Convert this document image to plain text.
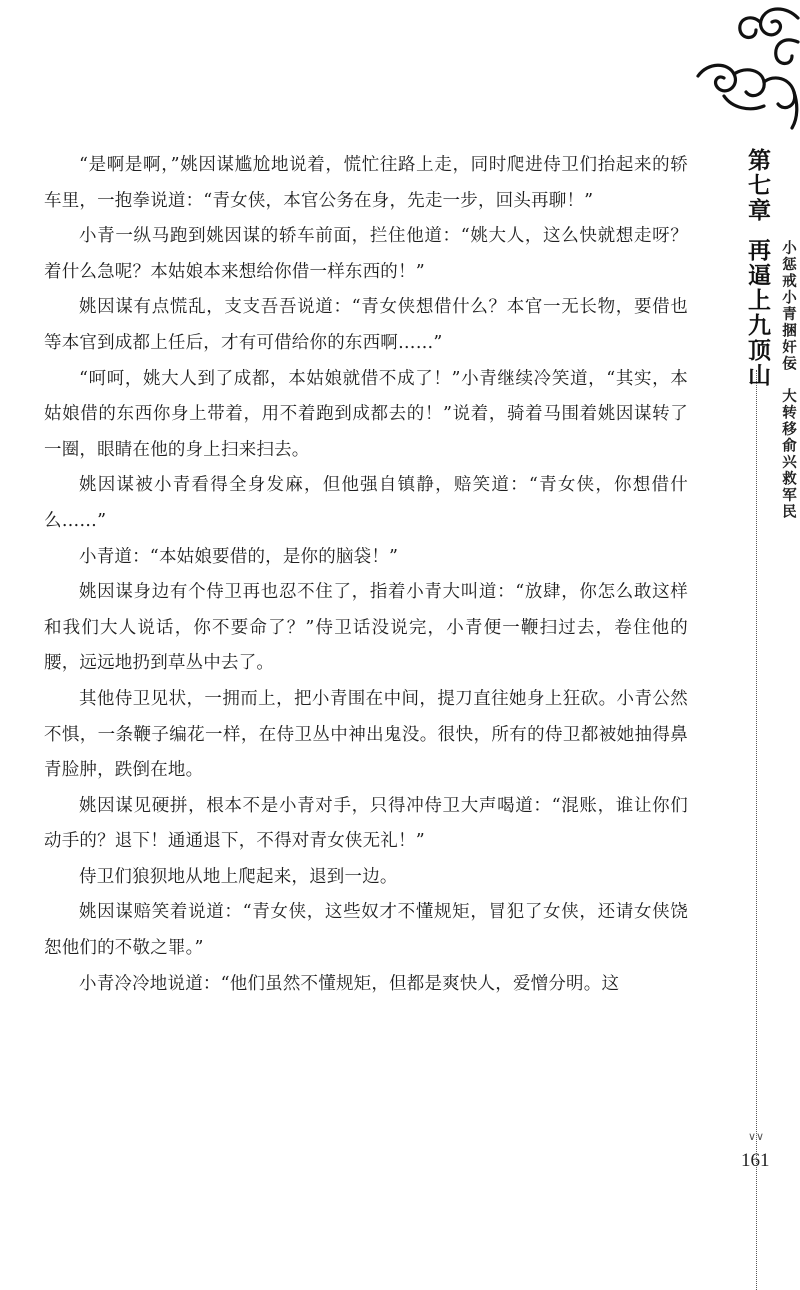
“是啊是啊，”姚因谋尴尬地说着，慌忙往路上走，同时爬进侍卫们抬起来的轿车里，一抱拳说道：“青女侠，本官公务在身，先走一步，回头再聊！”

小青一纵马跑到姚因谋的轿车前面，拦住他道：“姚大人，这么快就想走呀？着什么急呢？本姑娘本来想给你借一样东西的！”

姚因谋有点慌乱，支支吾吾说道：“青女侠想借什么？本官一无长物，要借也等本官到成都上任后，才有可借给你的东西啊……”

“呵呵，姚大人到了成都，本姑娘就借不成了！”小青继续冷笑道，“其实，本姑娘借的东西你身上带着，用不着跑到成都去的！”说着，骑着马围着姚因谋转了一圈，眼睛在他的身上扫来扫去。

姚因谋被小青看得全身发麻，但他强自镇静，赔笑道：“青女侠，你想借什么……”

小青道：“本姑娘要借的，是你的脑袋！”

姚因谋身边有个侍卫再也忍不住了，指着小青大叫道：“放肆，你怎么敢这样和我们大人说话，你不要命了？”侍卫话没说完，小青便一鞭扫过去，卷住他的腰，远远地扔到草丛中去了。

其他侍卫见状，一拥而上，把小青围在中间，提刀直往她身上狂砍。小青公然不惧，一条鞭子编花一样，在侍卫丛中神出鬼没。很快，所有的侍卫都被她抽得鼻青脸肿，跌倒在地。

姚因谋见硬拼，根本不是小青对手，只得冲侍卫大声喝道：“混账，谁让你们动手的？退下！通通退下，不得对青女侠无礼！”

侍卫们狼狈地从地上爬起来，退到一边。

姚因谋赔笑着说道：“青女侠，这些奴才不懂规矩，冒犯了女侠，还请女侠饶恕他们的不敬之罪。”

小青冷冷地说道：“他们虽然不懂规矩，但都是爽快人，爱憎分明。这

第七章
再逼上九顶山 小惩戒小青捆奸佞
大转移俞兴救军民
∨∨
161
